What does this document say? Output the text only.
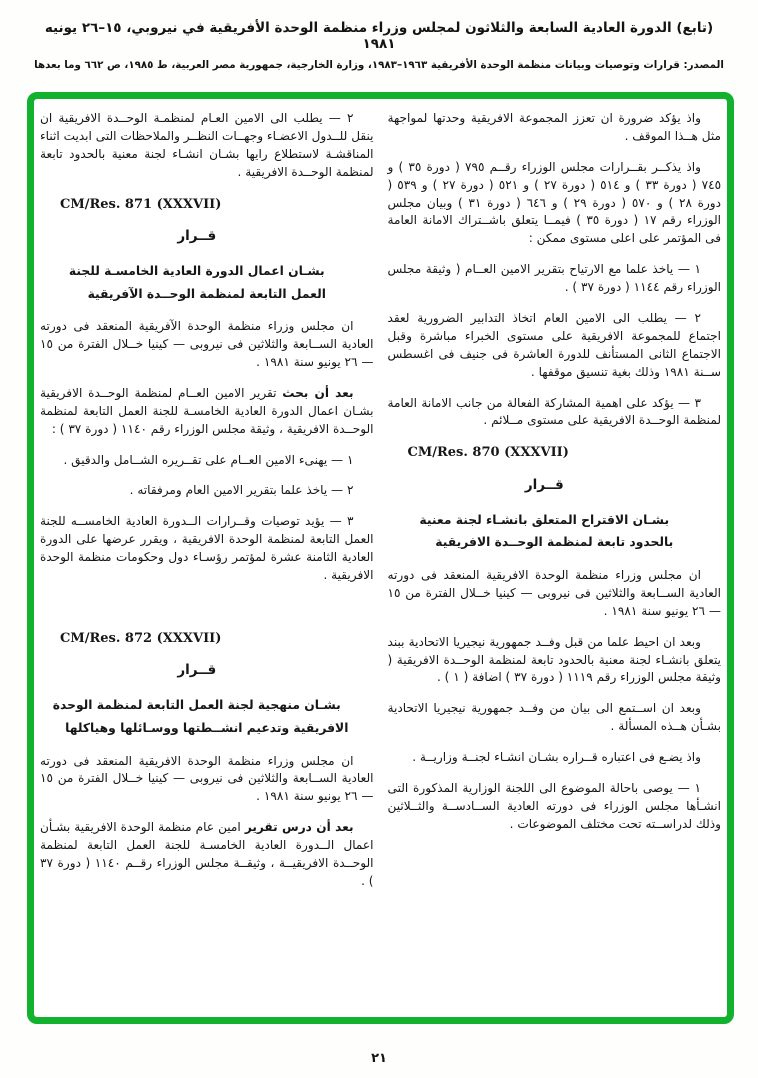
(تابع) الدورة العادية السابعة والثلاثون لمجلس وزراء منظمة الوحدة الأفريقية في نيروبي، ١٥–٢٦ يونيه ١٩٨١
المصدر: قرارات وتوصيات وبيانات منظمة الوحدة الأفريقية ١٩٦٣–١٩٨٣، وزارة الخارجية، جمهورية مصر العربية، ط ١٩٨٥، ص ٦٦٢ وما بعدها

واذ يؤكد ضرورة ان تعزز المجموعة الافريقية وحدتها لمواجهة مثل هــذا الموقف .

واذ يذكــر بقــرارات مجلس الوزراء رقــم ٧٩٥ ( دورة ٣٥ ) و ٧٤٥ ( دورة ٣٣ ) و ٥١٤ ( دورة ٢٧ ) و ٥٢١ ( دورة ٢٧ ) و ٥٣٩ ( دورة ٢٨ ) و ٥٧٠ ( دورة ٢٩ ) و ٦٤٦ ( دورة ٣١ ) وبيان مجلس الوزراء رقم ١٧ ( دورة ٣٥ ) فيمــا يتعلق باشــتراك الامانة العامة فى المؤتمر على اعلى مستوى ممكن :

١ — ياخذ علما مع الارتياح بتقرير الامين العــام ( وثيقة مجلس الوزراء رقم ١١٤٤ ( دورة ٣٧ ) .

٢ — يطلب الى الامين العام اتخاذ التدابير الضرورية لعقد اجتماع للمجموعة الافريقية على مستوى الخبراء مباشرة وقبل الاجتماع الثانى المستأنف للدورة العاشرة فى جنيف فى اغسطس ســنة ١٩٨١ وذلك بغية تنسيق موقفها .

٣ — يؤكد على اهمية المشاركة الفعالة من جانب الامانة العامة لمنظمة الوحــدة الافريقية على مستوى مــلائم .

CM/Res. 870 (XXXVII)

قــرار

بشـان الاقتراح المتعلق بانشـاء لجنة معنية
بالحدود تابعة لمنظمة الوحــدة الافريقية

ان مجلس وزراء منظمة الوحدة الافريقية المنعقد فى دورته العادية الســابعة والثلاثين فى نيروبى — كينيا خــلال الفترة من ١٥ — ٢٦ يونيو سنة ١٩٨١ .

وبعد ان احيط علما من قبل وفــد جمهورية نيجيريا الاتحادية ببند يتعلق بانشـاء لجنة معنية بالحدود تابعة لمنظمة الوحــدة الافريقية ( وثيقة مجلس الوزراء رقم ١١١٩ ( دورة ٣٧ ) اضافة ( ١ ) .

وبعد ان اســتمع الى بيان من وفــد جمهورية نيجيريا الاتحادية بشـأن هــذه المسألة .

واذ يضـع فى اعتباره قــراره بشـان انشـاء لجنــة وزاريــة .

١ — يوصى باحالة الموضوع الى اللجنة الوزارية المذكورة التى انشـأها مجلس الوزراء فى دورته العادية الســادســة والثــلاثين وذلك لدراســته تحت مختلف الموضوعات .

٢ — يطلب الى الامين العـام لمنظمـة الوحــدة الافريقية ان ينقل للــدول الاعضـاء وجهــات النظــر والملاحظات التى ابديت اثناء المناقشـة لاستطلاع رايها بشـان انشـاء لجنة معنية بالحدود تابعة لمنظمة الوحــدة الافريقية .

CM/Res. 871 (XXXVII)

قــرار

بشـان اعمال الدورة العادية الخامسـة للجنة
العمل التابعة لمنظمة الوحــدة الآفريقية

ان مجلس وزراء منظمة الوحدة الآفريقية المنعقد فى دورته العادية الســابعة والثلاثين فى نيروبى — كينيا خــلال الفترة من ١٥ — ٢٦ يونيو سنة ١٩٨١ .

بعد أن بحث تقرير الامين العــام لمنظمة الوحــدة الافريقية بشـان اعمال الدورة العادية الخامسـة للجنة العمل التابعة لمنظمة الوحــدة الافريقية ، وثيقة مجلس الوزراء رقم ١١٤٠ ( دورة ٣٧ ) :

١ — يهنىء الامين العــام على تقــريره الشــامل والدقيق .

٢ — ياخذ علما بتقرير الامين العام ومرفقاته .

٣ — يؤيد توصيات وقــرارات الــدورة العادية الخامســه للجنة العمل التابعة لمنظمة الوحدة الافريقية ، ويقرر عرضها على الدورة العادية الثامنة عشرة لمؤتمر رؤسـاء دول وحكومات منظمة الوحدة الافريقية .

CM/Res. 872 (XXXVII)

قــرار

بشـان منهجية لجنة العمل التابعة لمنظمة الوحدة
الافريقية وتدعيم انشــطتها ووسـائلها وهياكلها

ان مجلس وزراء منظمة الوحدة الافريقية المنعقد فى دورته العادية الســابعة والثلاثين فى نيروبى — كينيا خــلال الفترة من ١٥ — ٢٦ يونيو سنة ١٩٨١ .

بعد أن درس تقرير امين عام منظمة الوحدة الافريقية بشـأن اعمال الــدورة العادية الخامسـة للجنة العمل التابعة لمنظمة الوحــدة الافريقيــة ، وثيقــة مجلس الوزراء رقــم ١١٤٠ ( دورة ٣٧ ) .

٢١
